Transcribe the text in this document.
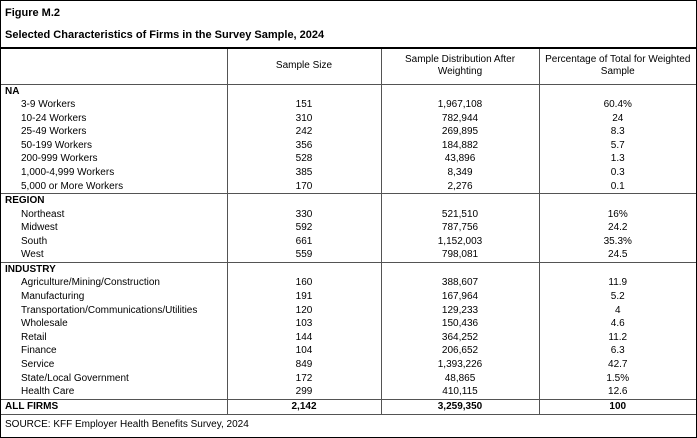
Figure M.2
Selected Characteristics of Firms in the Survey Sample, 2024
	Sample Size	Sample Distribution After Weighting	Percentage of Total for Weighted Sample
NA			
3-9 Workers	151	1,967,108	60.4%
10-24 Workers	310	782,944	24
25-49 Workers	242	269,895	8.3
50-199 Workers	356	184,882	5.7
200-999 Workers	528	43,896	1.3
1,000-4,999 Workers	385	8,349	0.3
5,000 or More Workers	170	2,276	0.1
REGION			
Northeast	330	521,510	16%
Midwest	592	787,756	24.2
South	661	1,152,003	35.3%
West	559	798,081	24.5
INDUSTRY			
Agriculture/Mining/Construction	160	388,607	11.9
Manufacturing	191	167,964	5.2
Transportation/Communications/Utilities	120	129,233	4
Wholesale	103	150,436	4.6
Retail	144	364,252	11.2
Finance	104	206,652	6.3
Service	849	1,393,226	42.7
State/Local Government	172	48,865	1.5%
Health Care	299	410,115	12.6
ALL FIRMS	2,142	3,259,350	100
SOURCE: KFF Employer Health Benefits Survey, 2024
